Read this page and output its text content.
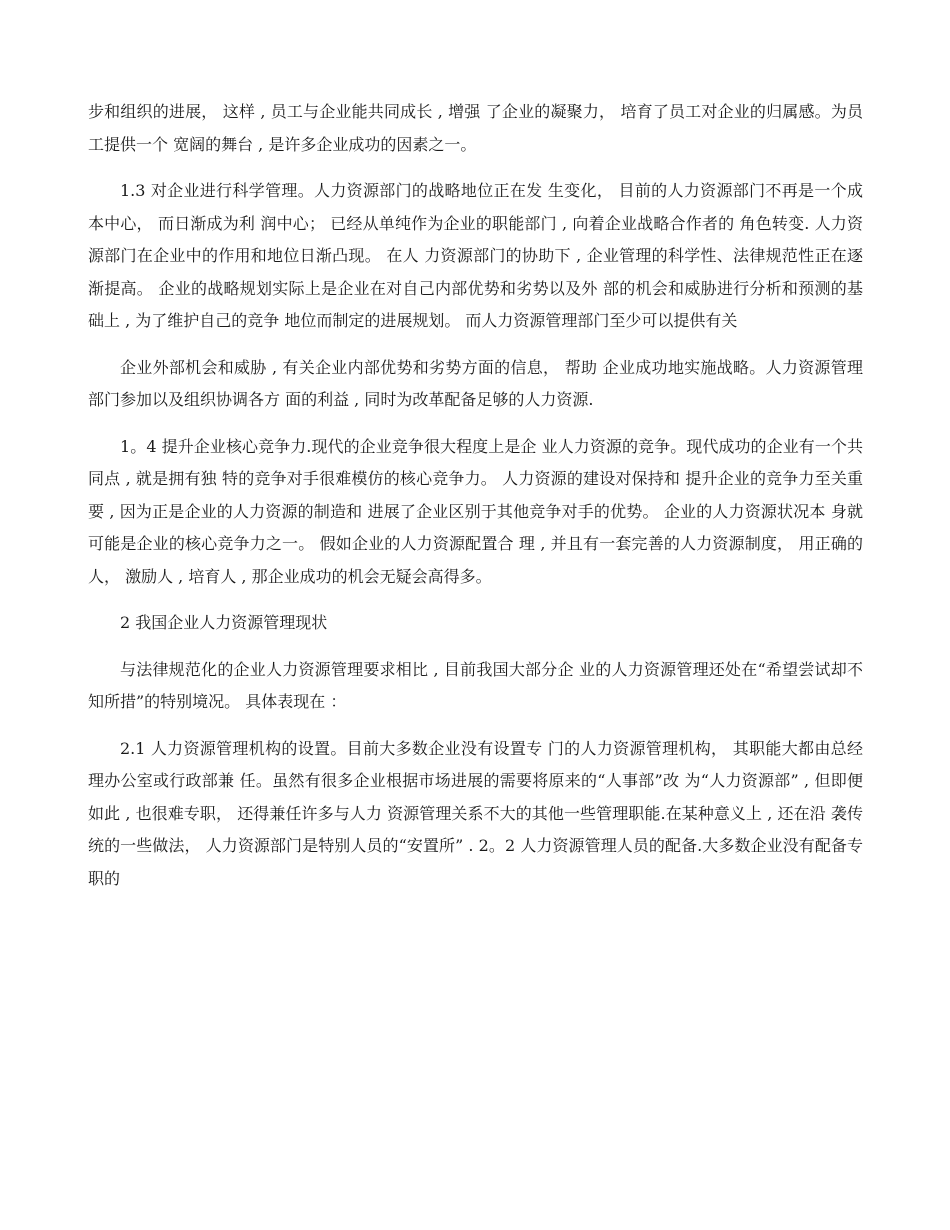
步和组织的进展， 这样 , 员工与企业能共同成长 , 增强 了企业的凝聚力， 培育了员工对企业的归属感。为员工提供一个 宽阔的舞台 , 是许多企业成功的因素之一。

1.3 对企业进行科学管理。人力资源部门的战略地位正在发 生变化， 目前的人力资源部门不再是一个成本中心， 而日渐成为利 润中心； 已经从单纯作为企业的职能部门 , 向着企业战略合作者的 角色转变. 人力资源部门在企业中的作用和地位日渐凸现。 在人 力资源部门的协助下 , 企业管理的科学性、法律规范性正在逐渐提高。 企业的战略规划实际上是企业在对自己内部优势和劣势以及外 部的机会和威胁进行分析和预测的基础上 , 为了维护自己的竞争 地位而制定的进展规划。 而人力资源管理部门至少可以提供有关

企业外部机会和威胁 , 有关企业内部优势和劣势方面的信息， 帮助 企业成功地实施战略。人力资源管理部门参加以及组织协调各方 面的利益 , 同时为改革配备足够的人力资源.

1。4 提升企业核心竞争力.现代的企业竞争很大程度上是企 业人力资源的竞争。现代成功的企业有一个共同点 , 就是拥有独 特的竞争对手很难模仿的核心竞争力。 人力资源的建设对保持和 提升企业的竞争力至关重要 , 因为正是企业的人力资源的制造和 进展了企业区别于其他竞争对手的优势。 企业的人力资源状况本 身就可能是企业的核心竞争力之一。 假如企业的人力资源配置合 理 , 并且有一套完善的人力资源制度， 用正确的人， 激励人 , 培育人 , 那企业成功的机会无疑会高得多。

2 我国企业人力资源管理现状

与法律规范化的企业人力资源管理要求相比 , 目前我国大部分企 业的人力资源管理还处在“希望尝试却不知所措”的特别境况。 具体表现在 ：

2.1 人力资源管理机构的设置。目前大多数企业没有设置专 门的人力资源管理机构， 其职能大都由总经理办公室或行政部兼 任。虽然有很多企业根据市场进展的需要将原来的“人事部”改 为“人力资源部” , 但即便如此 , 也很难专职， 还得兼任许多与人力 资源管理关系不大的其他一些管理职能.在某种意义上 , 还在沿 袭传统的一些做法， 人力资源部门是特别人员的“安置所” . 2。2 人力资源管理人员的配备.大多数企业没有配备专职的
